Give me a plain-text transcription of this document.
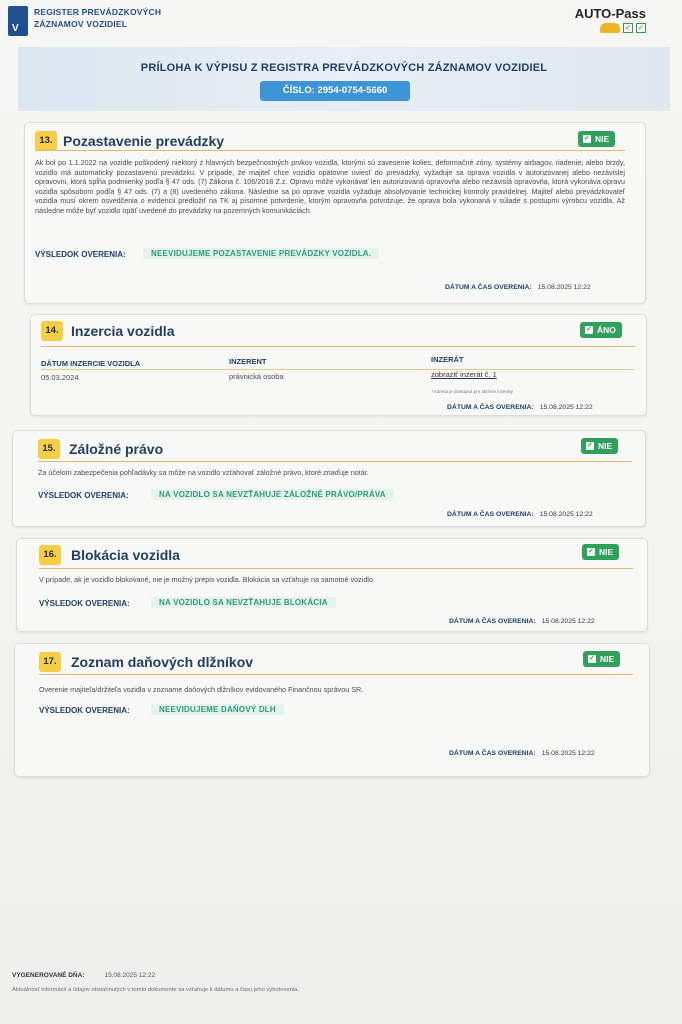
V
REGISTER PREVÁDZKOVÝCH
ZÁZNAMOV VOZIDIEL
AUTO-Pass
✓ ✓
PRÍLOHA K VÝPISU Z REGISTRA PREVÁDZKOVÝCH ZÁZNAMOV VOZIDIEL
ČÍSLO: 2954-0754-5660
13. Pozastavenie prevádzky	✓ NIE
Ak bol po 1.1.2022 na vozidle poškodený niektorý z hlavných bezpečnostných prvkov vozidla, ktorými sú zavesenie kolies, deformačné zóny, systémy airbagov, riadenie, alebo brzdy, vozidlo má automaticky pozastavenú prevádzku. V prípade, že majiteľ chce vozidlo opätovne uviesť do prevádzky, vyžaduje sa oprava vozidla v autorizovanej alebo nezávislej opravovni, ktorá spĺňa podmienky podľa § 47 ods. (7) Zákona č. 106/2018 Z.z. Opravu môže vykonávať len autorizovaná opravovňa alebo nezávislá opravovňa, ktorá vykonáva opravu vozidla spôsobom podľa § 47 ods. (7) a (8) uvedeného zákona. Následne sa po oprave vozidla vyžaduje absolvovanie technickej kontroly pravidelnej. Majiteľ alebo prevádzkovateľ vozidla musí okrem osvedčenia o evidencii predložiť na TK aj písomné potvrdenie, ktorým opravovňa potvrdzuje, že oprava bola vykonaná v súlade s postupmi výrobcu vozidla. Až následne môže byť vozidlo opäť uvedené do prevádzky na pozemných komunikáciách.
VÝSLEDOK OVERENIA:	NEEVIDUJEME POZASTAVENIE PREVÁDZKY VOZIDLA.
DÁTUM A ČAS OVERENIA: 15.08.2025 12:22
14. Inzercia vozidla	✓ ÁNO
DÁTUM INZERCIE VOZIDLA	INZERENT	INZERÁT
05.03.2024	právnická osoba	zobraziť inzerát č. 1
*Adresa je dostupná pre aktívne inzeráty
DÁTUM A ČAS OVERENIA: 15.08.2025 12:22
15. Záložné právo	✓ NIE
Za účelom zabezpečenia pohľadávky sa môže na vozidlo vzťahovať záložné právo, ktoré zriaďuje notár.
VÝSLEDOK OVERENIA:	NA VOZIDLO SA NEVZŤAHUJE ZÁLOŽNÉ PRÁVO/PRÁVA
DÁTUM A ČAS OVERENIA: 15.08.2025 12:22
16.	Blokácia vozidla	✓ NIE
V prípade, ak je vozidlo blokované, nie je možný prepis vozidla. Blokácia sa vzťahuje na samotné vozidlo.
VÝSLEDOK OVERENIA:	NA VOZIDLO SA NEVZŤAHUJE BLOKÁCIA
DÁTUM A ČAS OVERENIA: 15.08.2025 12:22
17.	Zoznam daňových dlžníkov	✓ NIE
Overenie majiteľa/držiteľa vozidla v zozname daňových dlžníkov evidovaného Finančnou správou SR.
VÝSLEDOK OVERENIA:	NEEVIDUJEME DAŇOVÝ DLH
DÁTUM A ČAS OVERENIA: 15.08.2025 12:22
VYGENEROVANÉ DŇA:	15.08.2025 12:22
Aktuálnosť informácií a údajov obsiahnutých v tomto dokumente sa vzťahuje k dátumu a času jeho vyhotovenia.
